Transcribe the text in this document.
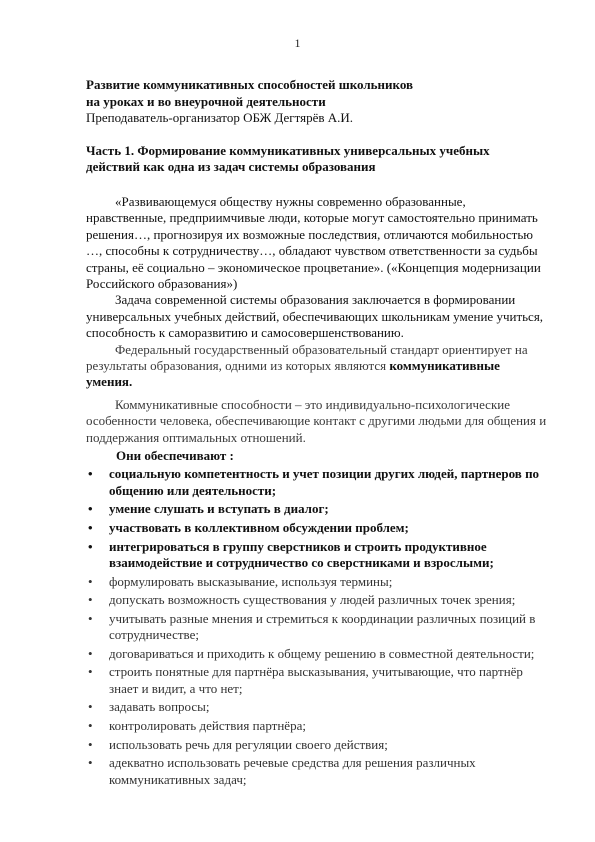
1

Развитие коммуникативных способностей школьников

на уроках и во внеурочной деятельности

Преподаватель-организатор ОБЖ Дегтярёв А.И.

Часть 1. Формирование коммуникативных универсальных учебных
действий как одна из задач системы образования

«Развивающемуся обществу нужны современно образованные, нравственные, предприимчивые люди, которые могут самостоятельно принимать решения…, прогнозируя их возможные последствия, отличаются мобильностью …, способны к сотрудничеству…, обладают чувством ответственности за судьбы страны, её социально – экономическое процветание». («Концепция модернизации Российского образования»)

Задача современной системы образования заключается в формировании универсальных учебных действий, обеспечивающих школьникам умение учиться, способность к саморазвитию и самосовершенствованию.

Федеральный государственный образовательный стандарт ориентирует на результаты образования, одними из которых являются коммуникативные умения.

Коммуникативные способности – это индивидуально-психологические особенности человека, обеспечивающие контакт с другими людьми для общения и поддержания оптимальных отношений.

Они обеспечивают :

• социальную компетентность и учет позиции других людей, партнеров по общению или деятельности;
• умение слушать и вступать в диалог;
• участвовать в коллективном обсуждении проблем;
• интегрироваться в группу сверстников и строить продуктивное взаимодействие и сотрудничество со сверстниками и взрослыми;
• формулировать высказывание, используя термины;
• допускать возможность существования у людей различных точек зрения;
• учитывать разные мнения и стремиться к координации различных позиций в сотрудничестве;
• договариваться и приходить к общему решению в совместной деятельности;
• строить понятные для партнёра высказывания, учитывающие, что партнёр знает и видит, а что нет;
• задавать вопросы;
• контролировать действия партнёра;
• использовать речь для регуляции своего действия;
• адекватно использовать речевые средства для решения различных коммуникативных задач;
